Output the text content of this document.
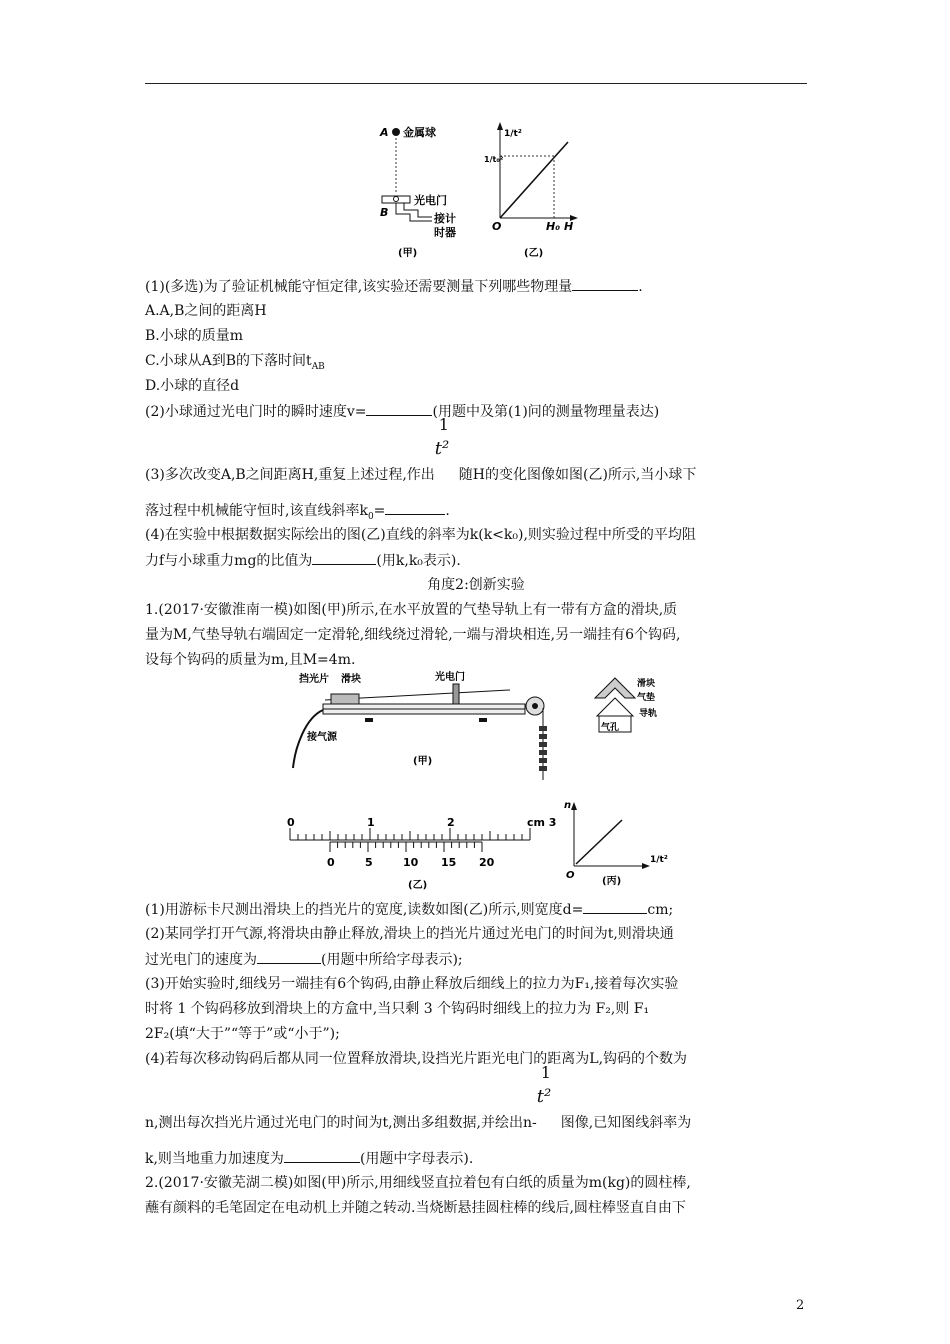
A 金属球
光电门
B	接计
时器
(甲)
1/t²
1/t₀²
O	H₀ H
(乙)
(1)(多选)为了验证机械能守恒定律,该实验还需要测量下列哪些物理量	.
A.A,B之间的距离H
B.小球的质量m
C.小球从A到B的下落时间$t_{AB}$
D.小球的直径d
(2)小球通过光电门时的瞬时速度v=	(用题中及第(1)问的测量物理量表达)
(3)多次改变A,B之间距离H,重复上述过程,作出
1
t²
随H的变化图像如图(乙)所示,当小球下
落过程中机械能守恒时,该直线斜率$k_0=$	.
(4)在实验中根据数据实际绘出的图(乙)直线的斜率为k(k<k₀),则实验过程中所受的平均阻
力f与小球重力mg的比值为	(用k,k₀表示).
角度2:创新实验
1.(2017·安徽淮南一模)如图(甲)所示,在水平放置的气垫导轨上有一带有方盒的滑块,质
量为M,气垫导轨右端固定一定滑轮,细线绕过滑轮,一端与滑块相连,另一端挂有6个钩码,
设每个钩码的质量为m,且M=4m.
挡光片 滑块	光电门
接气源
(甲)
滑块
气垫
导轨
气孔
0	1	2	cm 3
0	5	10 15 20
(乙)
n
O
1/t²
(丙)
(1)用游标卡尺测出滑块上的挡光片的宽度,读数如图(乙)所示,则宽度d=	cm;
(2)某同学打开气源,将滑块由静止释放,滑块上的挡光片通过光电门的时间为t,则滑块通
过光电门的速度为	(用题中所给字母表示);
(3)开始实验时,细线另一端挂有6个钩码,由静止释放后细线上的拉力为F₁,接着每次实验
时将 1 个钩码移放到滑块上的方盒中,当只剩 3 个钩码时细线上的拉力为 F₂,则 F₁
2F₂(填“大于”“等于”或“小于”);
(4)若每次移动钩码后都从同一位置释放滑块,设挡光片距光电门的距离为L,钩码的个数为
n,测出每次挡光片通过光电门的时间为t,测出多组数据,并绘出n-
1
t²
图像,已知图线斜率为
k,则当地重力加速度为	(用题中字母表示).
2.(2017·安徽芜湖二模)如图(甲)所示,用细线竖直拉着包有白纸的质量为m(kg)的圆柱棒,
蘸有颜料的毛笔固定在电动机上并随之转动.当烧断悬挂圆柱棒的线后,圆柱棒竖直自由下
2
